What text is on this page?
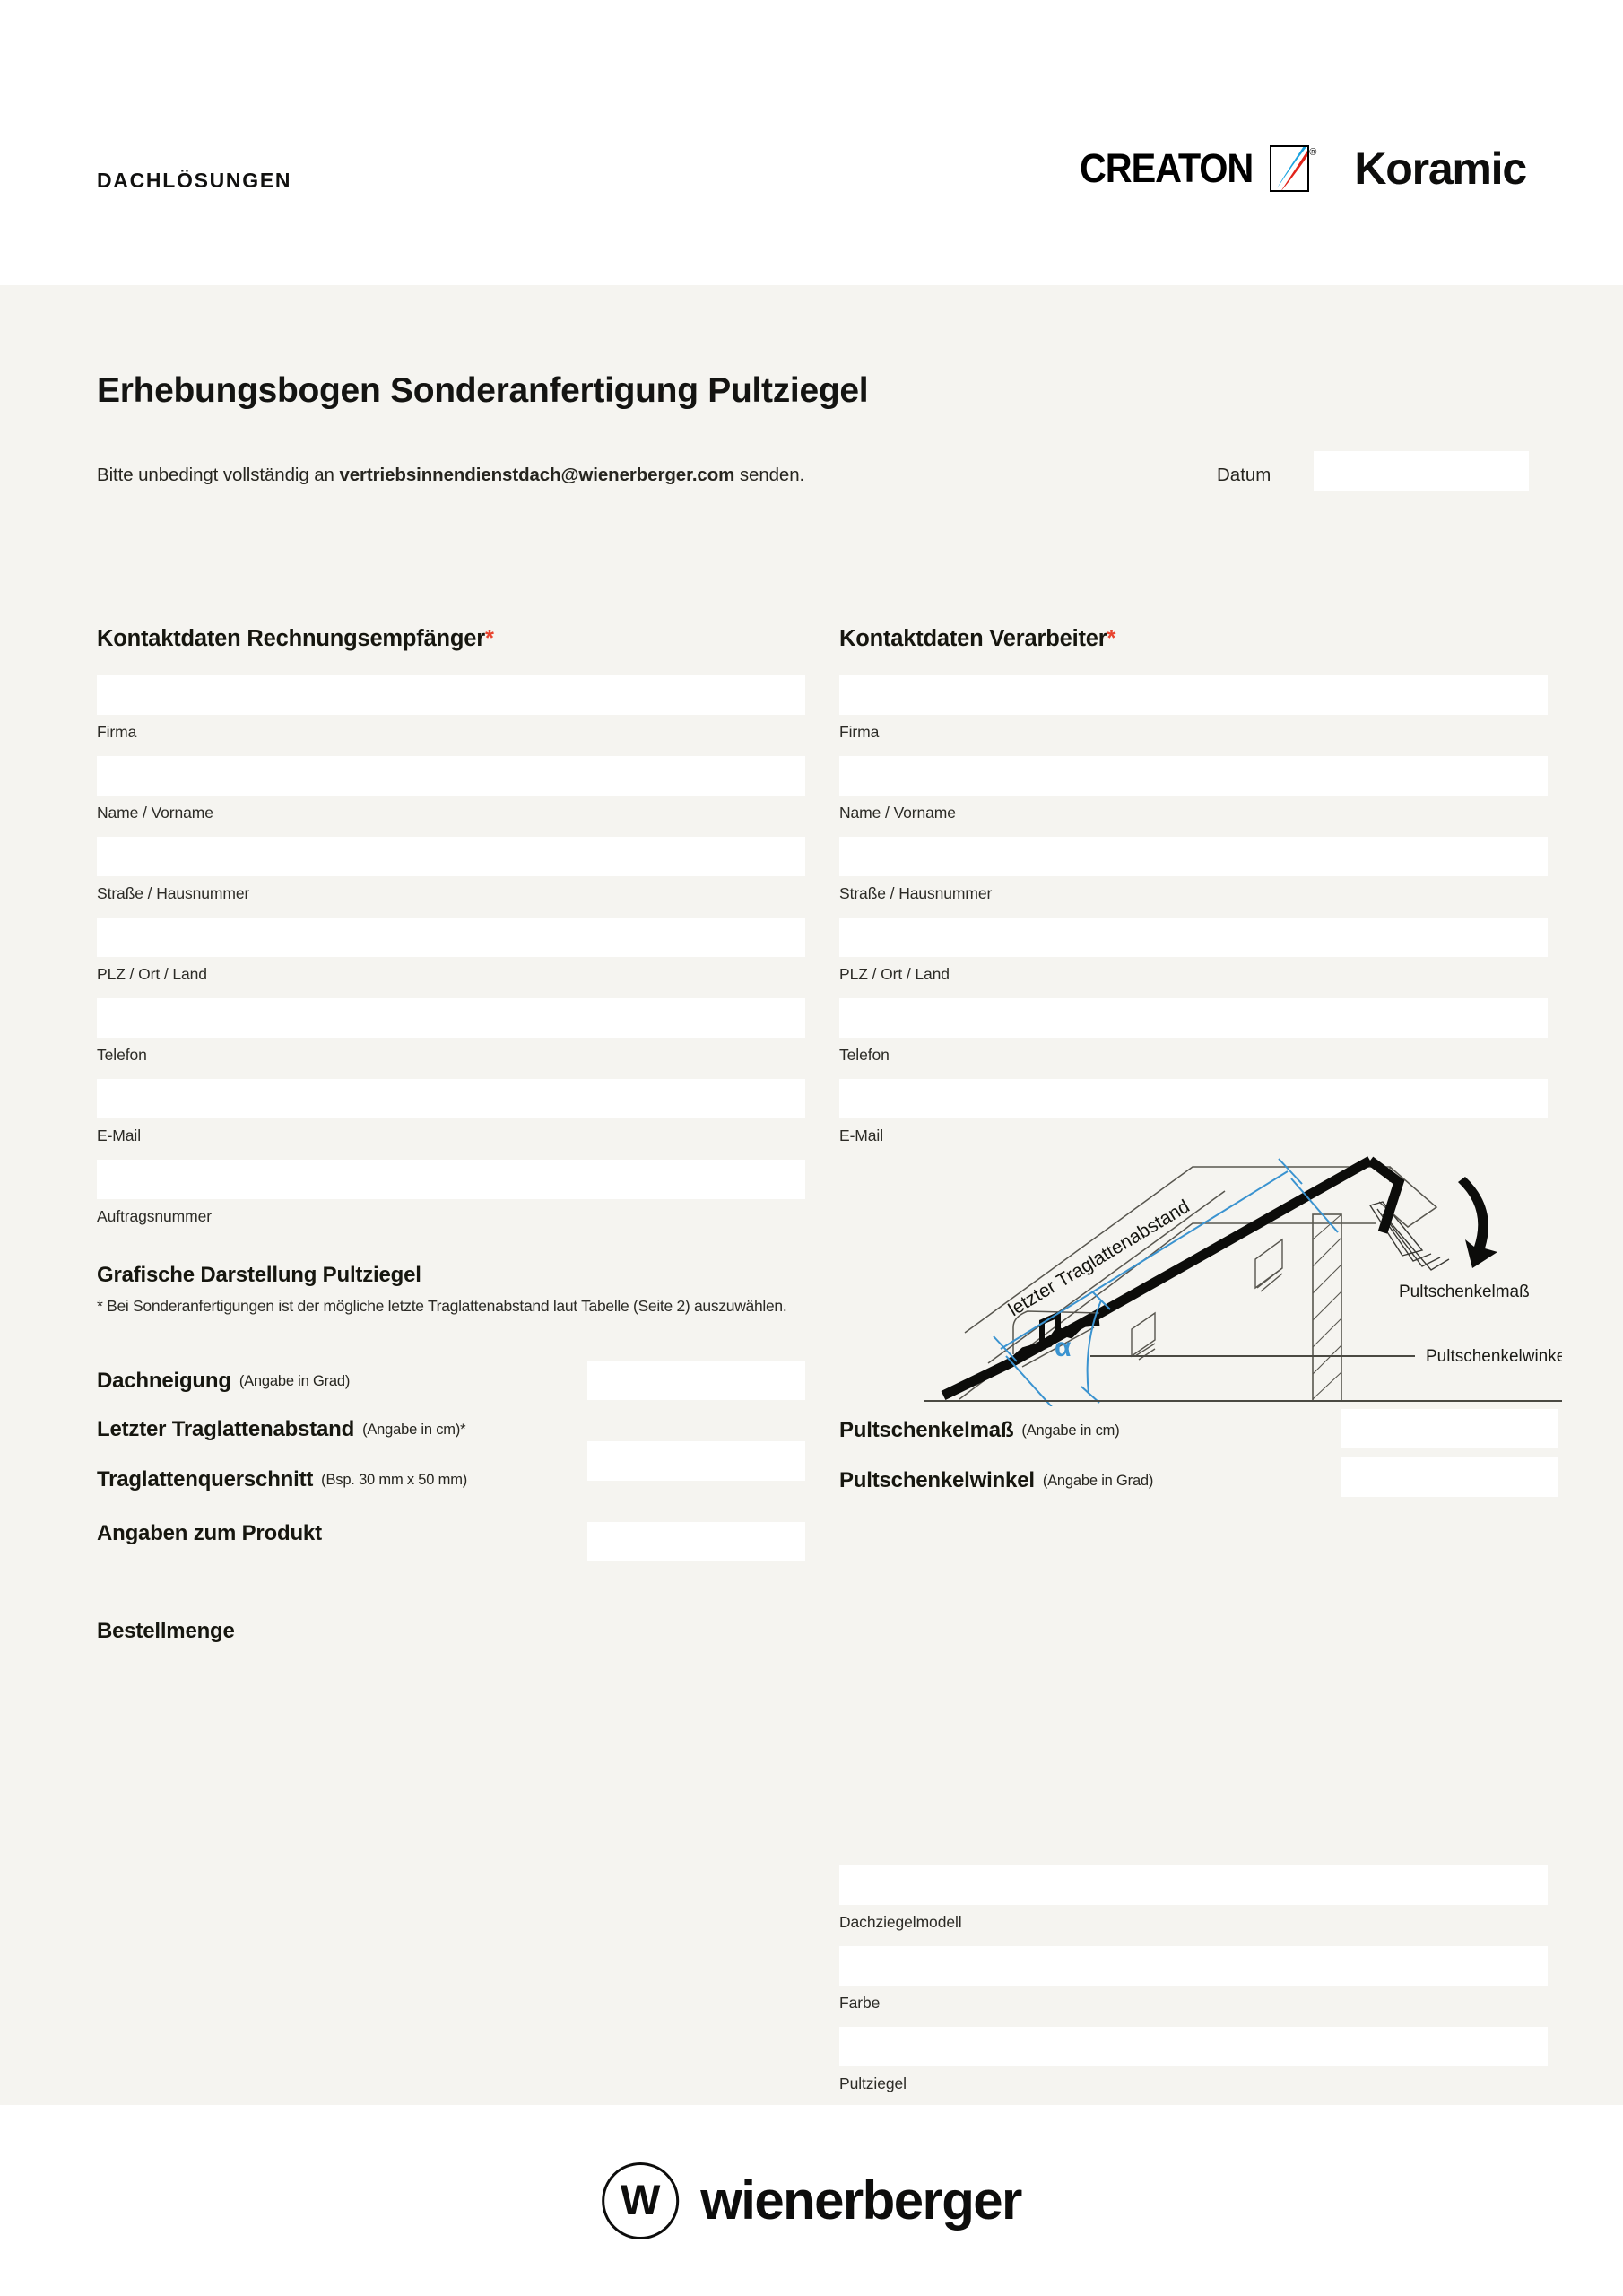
DACHLÖSUNGEN	CREATON	® Koramic
Erhebungsbogen Sonderanfertigung Pultziegel
Bitte unbedingt vollständig an vertriebsinnendienstdach@wienerberger.com senden.	Datum
Kontaktdaten Rechnungsempfänger*
Firma
Name / Vorname
Straße / Hausnummer
PLZ / Ort / Land
Telefon
E-Mail
Auftragsnummer
Kontaktdaten Verarbeiter*
Firma
Name / Vorname
Straße / Hausnummer
PLZ / Ort / Land
Telefon
E-Mail
Grafische Darstellung Pultziegel
* Bei Sonderanfertigungen ist der mögliche letzte Traglattenabstand laut Tabelle (Seite 2) auszuwählen.	letzter Traglattenabstand
α	Pultschenkelwinkel
Pultschenkelmaß
Dachneigung (Angabe in Grad)
Letzter Traglattenabstand (Angabe in cm)*
Traglattenquerschnitt (Bsp. 30 mm x 50 mm)
Pultschenkelmaß (Angabe in cm)
Pultschenkelwinkel (Angabe in Grad)
Angaben zum Produkt
Bestellmenge
Dachziegelmodell
Farbe
Pultziegel
W wienerberger
